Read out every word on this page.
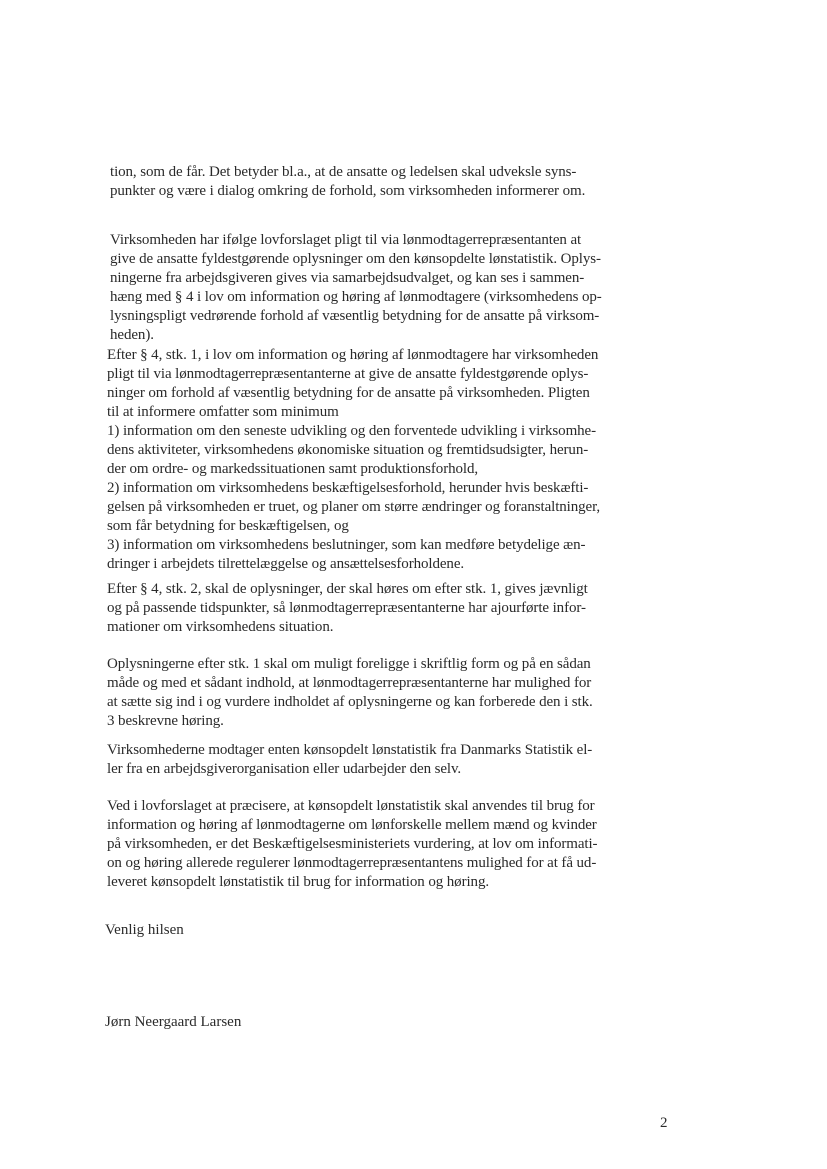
tion, som de får. Det betyder bl.a., at de ansatte og ledelsen skal udveksle syns-
punkter og være i dialog omkring de forhold, som virksomheden informerer om.
Virksomheden har ifølge lovforslaget pligt til via lønmodtagerrepræsentanten at
give de ansatte fyldestgørende oplysninger om den kønsopdelte lønstatistik. Oplys-
ningerne fra arbejdsgiveren gives via samarbejdsudvalget, og kan ses i sammen-
hæng med § 4 i lov om information og høring af lønmodtagere (virksomhedens op-
lysningspligt vedrørende forhold af væsentlig betydning for de ansatte på virksom-
heden).
Efter § 4, stk. 1, i lov om information og høring af lønmodtagere har virksomheden
pligt til via lønmodtagerrepræsentanterne at give de ansatte fyldestgørende oplys-
ninger om forhold af væsentlig betydning for de ansatte på virksomheden. Pligten
til at informere omfatter som minimum
1) information om den seneste udvikling og den forventede udvikling i virksomhe-
dens aktiviteter, virksomhedens økonomiske situation og fremtidsudsigter, herun-
der om ordre- og markedssituationen samt produktionsforhold,
2) information om virksomhedens beskæftigelsesforhold, herunder hvis beskæfti-
gelsen på virksomheden er truet, og planer om større ændringer og foranstaltninger,
som får betydning for beskæftigelsen, og
3) information om virksomhedens beslutninger, som kan medføre betydelige æn-
dringer i arbejdets tilrettelæggelse og ansættelsesforholdene.
Efter § 4, stk. 2, skal de oplysninger, der skal høres om efter stk. 1, gives jævnligt
og på passende tidspunkter, så lønmodtagerrepræsentanterne har ajourførte infor-
mationer om virksomhedens situation.
Oplysningerne efter stk. 1 skal om muligt foreligge i skriftlig form og på en sådan
måde og med et sådant indhold, at lønmodtagerrepræsentanterne har mulighed for
at sætte sig ind i og vurdere indholdet af oplysningerne og kan forberede den i stk.
3 beskrevne høring.
Virksomhederne modtager enten kønsopdelt lønstatistik fra Danmarks Statistik el-
ler fra en arbejdsgiverorganisation eller udarbejder den selv.
Ved i lovforslaget at præcisere, at kønsopdelt lønstatistik skal anvendes til brug for
information og høring af lønmodtagerne om lønforskelle mellem mænd og kvinder
på virksomheden, er det Beskæftigelsesministeriets vurdering, at lov om informati-
on og høring allerede regulerer lønmodtagerrepræsentantens mulighed for at få ud-
leveret kønsopdelt lønstatistik til brug for information og høring.
Venlig hilsen
Jørn Neergaard Larsen
2
